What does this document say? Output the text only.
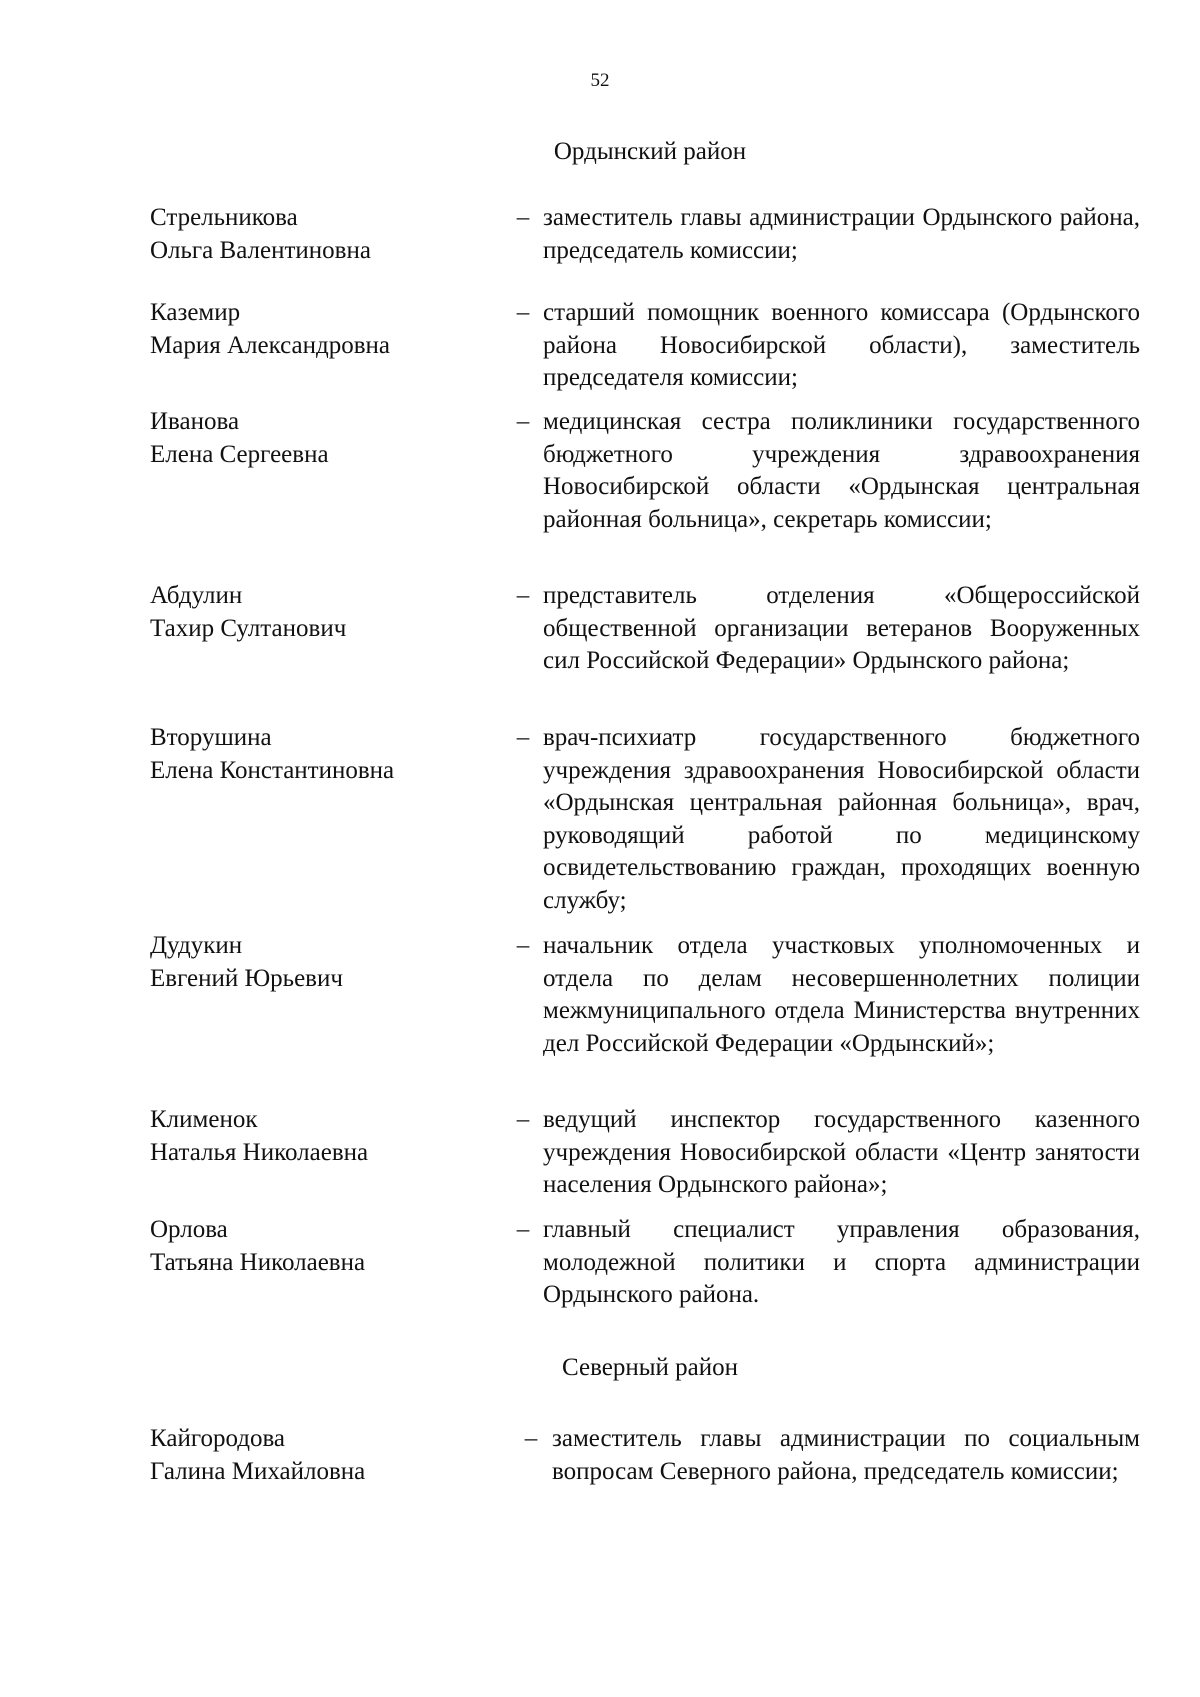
52
Ордынский район
Стрельникова
Ольга Валентиновна
– заместитель главы администрации Ордынского района, председатель комиссии;
Каземир
Мария Александровна
– старший помощник военного комиссара (Ордынского района Новосибирской области), заместитель председателя комиссии;
Иванова
Елена Сергеевна
– медицинская сестра поликлиники государственного бюджетного учреждения здравоохранения Новосибирской области «Ордынская центральная районная больница», секретарь комиссии;
Абдулин
Тахир Султанович
– представитель отделения «Общероссийской общественной организации ветеранов Вооруженных сил Российской Федерации» Ордынского района;
Вторушина
Елена Константиновна
– врач-психиатр государственного бюджетного учреждения здравоохранения Новосибирской области «Ордынская центральная районная больница», врач, руководящий работой по медицинскому освидетельствованию граждан, проходящих военную службу;
Дудукин
Евгений Юрьевич
– начальник отдела участковых уполномоченных и отдела по делам несовершеннолетних полиции межмуниципального отдела Министерства внутренних дел Российской Федерации «Ордынский»;
Клименок
Наталья Николаевна
– ведущий инспектор государственного казенного учреждения Новосибирской области «Центр занятости населения Ордынского района»;
Орлова
Татьяна Николаевна
– главный специалист управления образования, молодежной политики и спорта администрации Ордынского района.
Северный район
Кайгородова
Галина Михайловна
– заместитель главы администрации по социальным вопросам Северного района, председатель комиссии;
